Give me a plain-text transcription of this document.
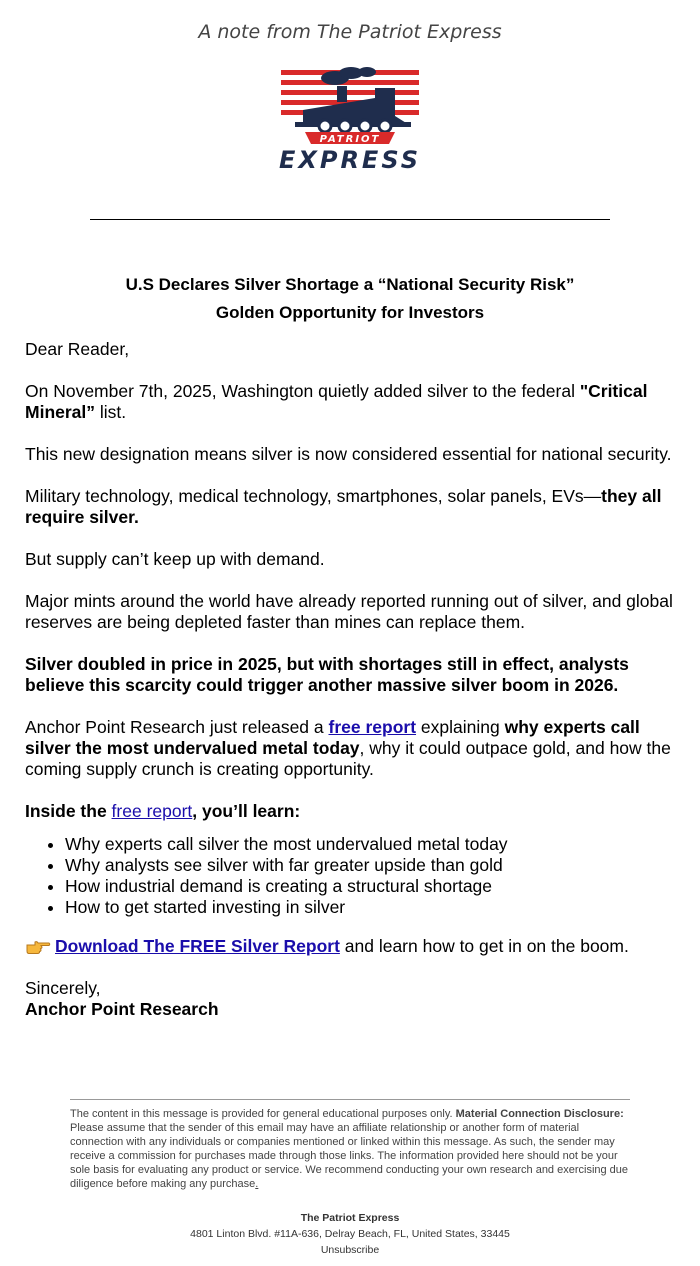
A note from The Patriot Express
PATRIOT
EXPRESS
U.S Declares Silver Shortage a “National Security Risk”
Golden Opportunity for Investors

Dear Reader,

On November 7th, 2025, Washington quietly added silver to the federal "Critical Mineral” list.

This new designation means silver is now considered essential for national security.

Military technology, medical technology, smartphones, solar panels, EVs—they all require silver.

But supply can’t keep up with demand.

Major mints around the world have already reported running out of silver, and global reserves are being depleted faster than mines can replace them.

Silver doubled in price in 2025, but with shortages still in effect, analysts believe this scarcity could trigger another massive silver boom in 2026.

Anchor Point Research just released a free report explaining why experts call silver the most undervalued metal today, why it could outpace gold, and how the coming supply crunch is creating opportunity.

Inside the free report, you’ll learn:

• Why experts call silver the most undervalued metal today
• Why analysts see silver with far greater upside than gold
• How industrial demand is creating a structural shortage
• How to get started investing in silver

Download The FREE Silver Report and learn how to get in on the boom.

Sincerely,
Anchor Point Research

The content in this message is provided for general educational purposes only. Material Connection Disclosure: Please assume that the sender of this email may have an affiliate relationship or another form of material connection with any individuals or companies mentioned or linked within this message. As such, the sender may receive a commission for purchases made through those links. The information provided here should not be your sole basis for evaluating any product or service. We recommend conducting your own research and exercising due diligence before making any purchase.
The Patriot Express
4801 Linton Blvd. #11A-636, Delray Beach, FL, United States, 33445
Unsubscribe
